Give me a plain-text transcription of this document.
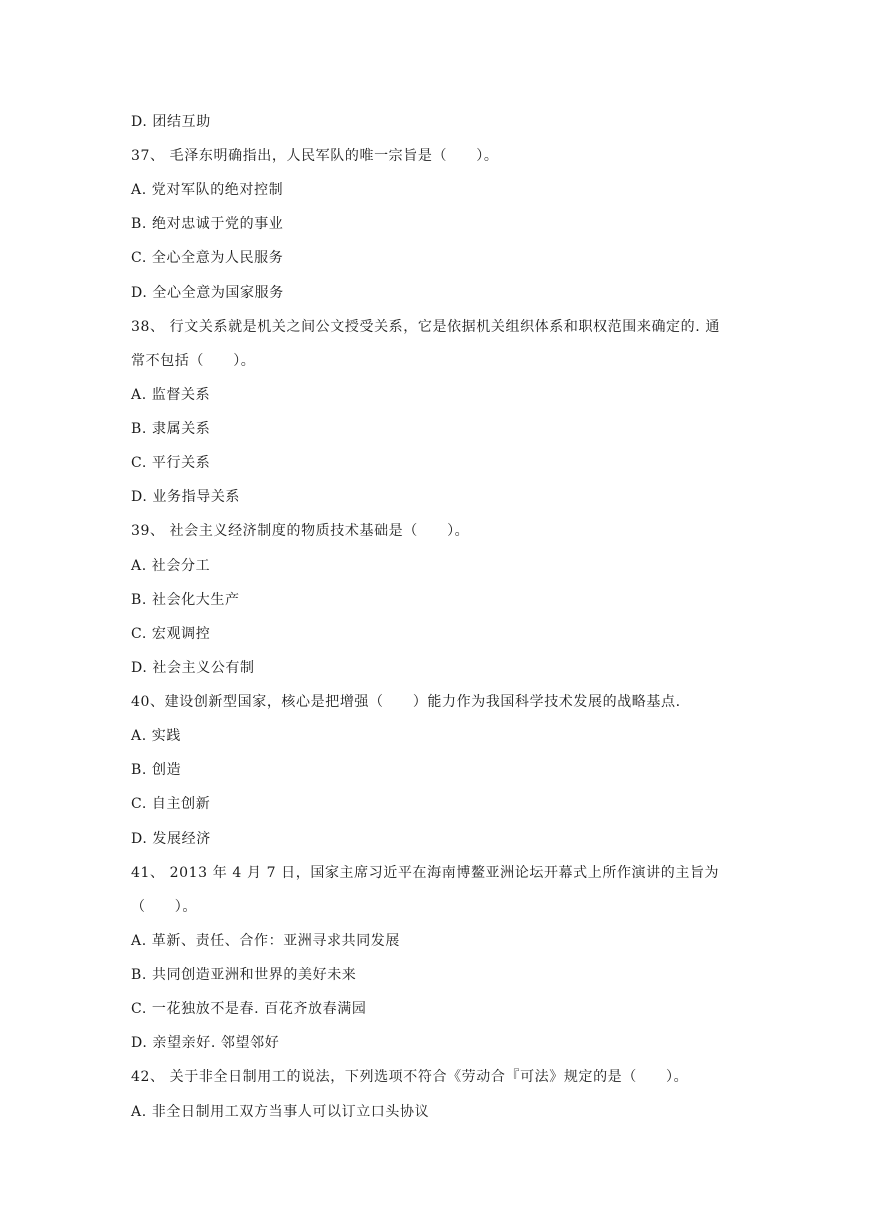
D. 团结互助
37、 毛泽东明确指出，人民军队的唯一宗旨是（　　）。
A. 党对军队的绝对控制
B. 绝对忠诚于党的事业
C. 全心全意为人民服务
D. 全心全意为国家服务
38、 行文关系就是机关之间公文授受关系，它是依据机关组织体系和职权范围来确定的. 通
常不包括（　　）。
A. 监督关系
B. 隶属关系
C. 平行关系
D. 业务指导关系
39、 社会主义经济制度的物质技术基础是（　　）。
A. 社会分工
B. 社会化大生产
C. 宏观调控
D. 社会主义公有制
40、建设创新型国家，核心是把增强（　　）能力作为我国科学技术发展的战略基点.
A. 实践
B. 创造
C. 自主创新
D. 发展经济
41、 2013 年 4 月 7 日，国家主席习近平在海南博鳌亚洲论坛开幕式上所作演讲的主旨为
（　　）。
A. 革新、责任、合作：亚洲寻求共同发展
B. 共同创造亚洲和世界的美好未来
C. 一花独放不是春. 百花齐放春满园
D. 亲望亲好. 邻望邻好
42、 关于非全日制用工的说法，下列选项不符合《劳动合『可法》规定的是（　　）。
A. 非全日制用工双方当事人可以订立口头协议
